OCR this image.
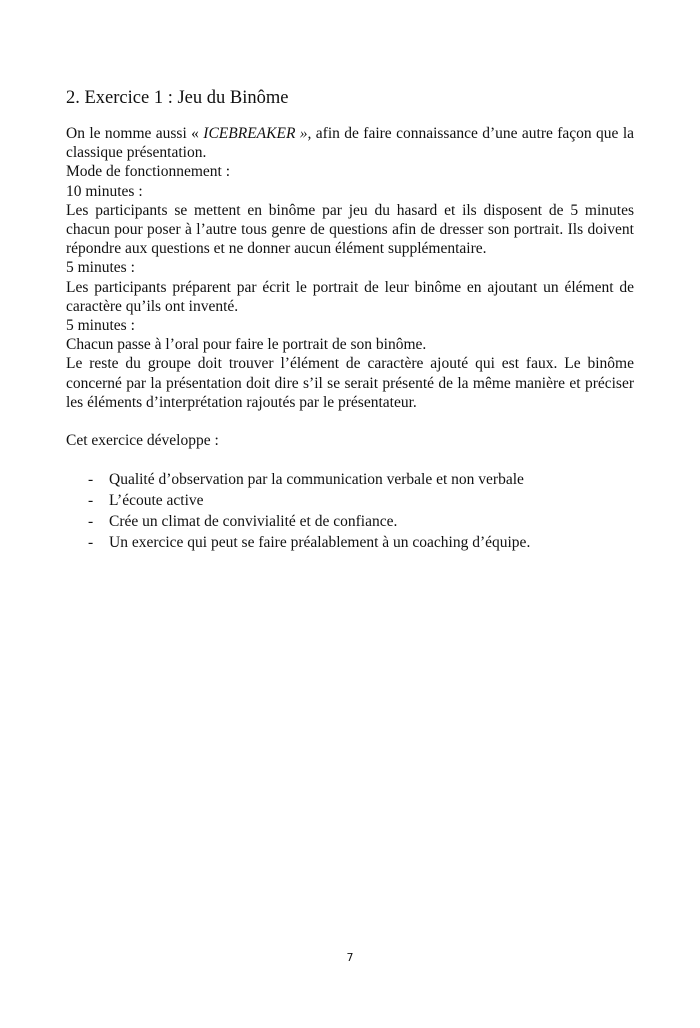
2. Exercice 1 : Jeu du Binôme

On le nomme aussi « ICEBREAKER », afin de faire connaissance d’une autre façon que la classique présentation.

Mode de fonctionnement :

10 minutes :

Les participants se mettent en binôme par jeu du hasard et ils disposent de 5 minutes chacun pour poser à l’autre tous genre de questions afin de dresser son portrait. Ils doivent répondre aux questions et ne donner aucun élément supplémentaire.

5 minutes :

Les participants préparent par écrit le portrait de leur binôme en ajoutant un élément de caractère qu’ils ont inventé.

5 minutes :

Chacun passe à l’oral pour faire le portrait de son binôme.

Le reste du groupe doit trouver l’élément de caractère ajouté qui est faux. Le binôme concerné par la présentation doit dire s’il se serait présenté de la même manière et préciser les éléments d’interprétation rajoutés par le présentateur.

Cet exercice développe :

- Qualité d’observation par la communication verbale et non verbale
- L’écoute active
- Crée un climat de convivialité et de confiance.
- Un exercice qui peut se faire préalablement à un coaching d’équipe.
7
